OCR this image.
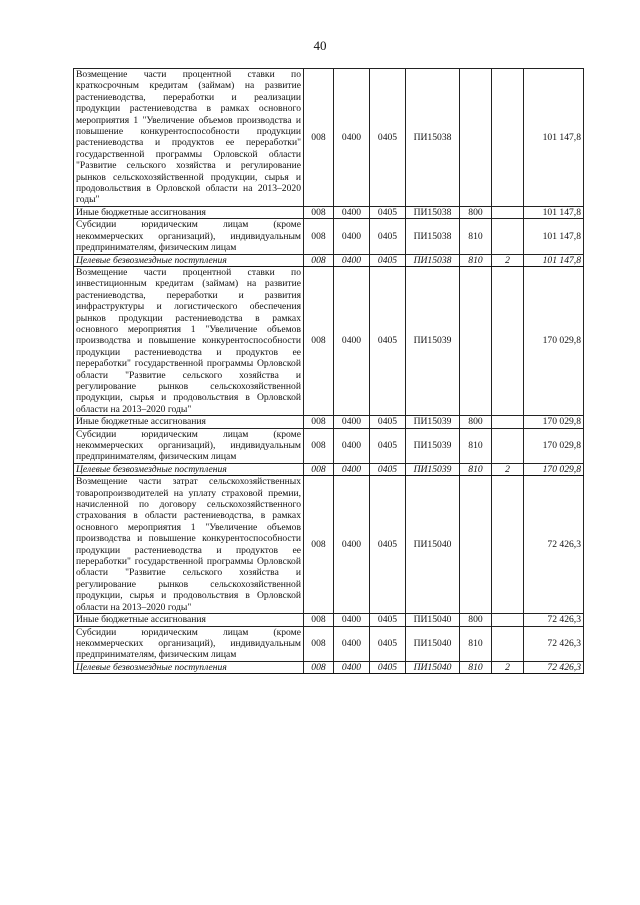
40
Возмещение части процентной ставки по краткосрочным кредитам (займам) на развитие растениеводства, переработки и реализации продукции растениеводства в рамках основного мероприятия 1 "Увеличение объемов производства и повышение конкурентоспособности продукции растениеводства и продуктов ее переработки" государственной программы Орловской области "Развитие сельского хозяйства и регулирование рынков сельскохозяйственной продукции, сырья и продовольствия в Орловской области на 2013–2020 годы"	008	0400	0405	ПИ15038			101 147,8
Иные бюджетные ассигнования	008	0400	0405	ПИ15038	800		101 147,8
Субсидии юридическим лицам (кроме некоммерческих организаций), индивидуальным предпринимателям, физическим лицам	008	0400	0405	ПИ15038	810		101 147,8
Целевые безвозмездные поступления	008	0400	0405	ПИ15038	810	2	101 147,8
Возмещение части процентной ставки по инвестиционным кредитам (займам) на развитие растениеводства, переработки и развития инфраструктуры и логистического обеспечения рынков продукции растениеводства в рамках основного мероприятия 1 "Увеличение объемов производства и повышение конкурентоспособности продукции растениеводства и продуктов ее переработки" государственной программы Орловской области "Развитие сельского хозяйства и регулирование рынков сельскохозяйственной продукции, сырья и продовольствия в Орловской области на 2013–2020 годы"	008	0400	0405	ПИ15039			170 029,8
Иные бюджетные ассигнования	008	0400	0405	ПИ15039	800		170 029,8
Субсидии юридическим лицам (кроме некоммерческих организаций), индивидуальным предпринимателям, физическим лицам	008	0400	0405	ПИ15039	810		170 029,8
Целевые безвозмездные поступления	008	0400	0405	ПИ15039	810	2	170 029,8
Возмещение части затрат сельскохозяйственных товаропроизводителей на уплату страховой премии, начисленной по договору сельскохозяйственного страхования в области растениеводства, в рамках основного мероприятия 1 "Увеличение объемов производства и повышение конкурентоспособности продукции растениеводства и продуктов ее переработки" государственной программы Орловской области "Развитие сельского хозяйства и регулирование рынков сельскохозяйственной продукции, сырья и продовольствия в Орловской области на 2013–2020 годы"	008	0400	0405	ПИ15040			72 426,3
Иные бюджетные ассигнования	008	0400	0405	ПИ15040	800		72 426,3
Субсидии юридическим лицам (кроме некоммерческих организаций), индивидуальным предпринимателям, физическим лицам	008	0400	0405	ПИ15040	810		72 426,3
Целевые безвозмездные поступления	008	0400	0405	ПИ15040	810	2	72 426,3
